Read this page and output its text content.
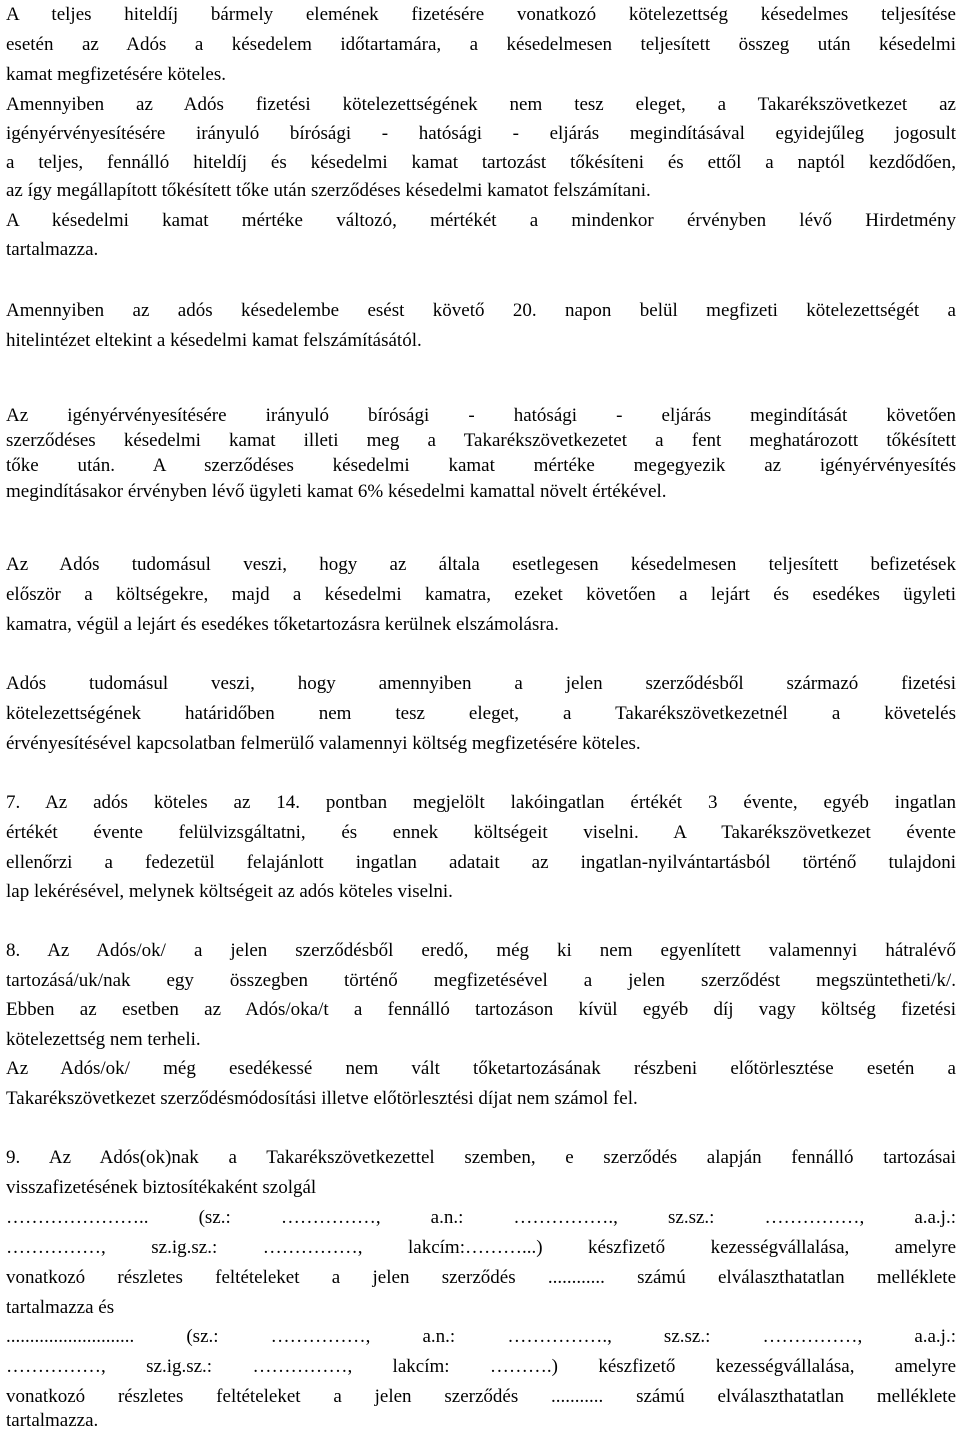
A teljes hiteldíj bármely elemének fizetésére vonatkozó kötelezettség késedelmes teljesítése
esetén az Adós a késedelem időtartamára, a késedelmesen teljesített összeg után késedelmi
kamat megfizetésére köteles.
Amennyiben az Adós fizetési kötelezettségének nem tesz eleget, a Takarékszövetkezet az
igényérvényesítésére irányuló bírósági - hatósági - eljárás megindításával egyidejűleg jogosult
a teljes, fennálló hiteldíj és késedelmi kamat tartozást tőkésíteni és ettől a naptól kezdődően,
az így megállapított tőkésített tőke után szerződéses késedelmi kamatot felszámítani.
A késedelmi kamat mértéke változó, mértékét a mindenkor érvényben lévő Hirdetmény
tartalmazza.
Amennyiben az adós késedelembe esést követő 20. napon belül megfizeti kötelezettségét a
hitelintézet eltekint a késedelmi kamat felszámításától.
Az igényérvényesítésére irányuló bírósági - hatósági - eljárás megindítását követően
szerződéses késedelmi kamat illeti meg a Takarékszövetkezetet a fent meghatározott tőkésített
tőke után. A szerződéses késedelmi kamat mértéke megegyezik az igényérvényesítés
megindításakor érvényben lévő ügyleti kamat 6% késedelmi kamattal növelt értékével.
Az Adós tudomásul veszi, hogy az általa esetlegesen késedelmesen teljesített befizetések
először a költségekre, majd a késedelmi kamatra, ezeket követően a lejárt és esedékes ügyleti
kamatra, végül a lejárt és esedékes tőketartozásra kerülnek elszámolásra.
Adós tudomásul veszi, hogy amennyiben a jelen szerződésből származó fizetési
kötelezettségének határidőben nem tesz eleget, a Takarékszövetkezetnél a követelés
érvényesítésével kapcsolatban felmerülő valamennyi költség megfizetésére köteles.
7. Az adós köteles az 14. pontban megjelölt lakóingatlan értékét 3 évente, egyéb ingatlan
értékét évente felülvizsgáltatni, és ennek költségeit viselni. A Takarékszövetkezet évente
ellenőrzi a fedezetül felajánlott ingatlan adatait az ingatlan-nyilvántartásból történő tulajdoni
lap lekérésével, melynek költségeit az adós köteles viselni.
8. Az Adós/ok/ a jelen szerződésből eredő, még ki nem egyenlített valamennyi hátralévő
tartozásá/uk/nak egy összegben történő megfizetésével a jelen szerződést megszüntetheti/k/.
Ebben az esetben az Adós/oka/t a fennálló tartozáson kívül egyéb díj vagy költség fizetési
kötelezettség nem terheli.
Az Adós/ok/ még esedékessé nem vált tőketartozásának részbeni előtörlesztése esetén a
Takarékszövetkezet szerződésmódosítási illetve előtörlesztési díjat nem számol fel.
9. Az Adós(ok)nak a Takarékszövetkezettel szemben, e szerződés alapján fennálló tartozásai
visszafizetésének biztosítékaként szolgál
………………….. (sz.: ……………, a.n.: ……………., sz.sz.: ……………, a.a.j.:
……………, sz.ig.sz.: ……………, lakcím:………...) készfizető kezességvállalása, amelyre
vonatkozó részletes feltételeket a jelen szerződés ............ számú elválaszthatatlan melléklete
tartalmazza és
........................... (sz.: ……………, a.n.: ……………., sz.sz.: ……………, a.a.j.:
……………, sz.ig.sz.: ……………, lakcím: ……….) készfizető kezességvállalása, amelyre
vonatkozó részletes feltételeket a jelen szerződés ........... számú elválaszthatatlan melléklete
tartalmazza.
